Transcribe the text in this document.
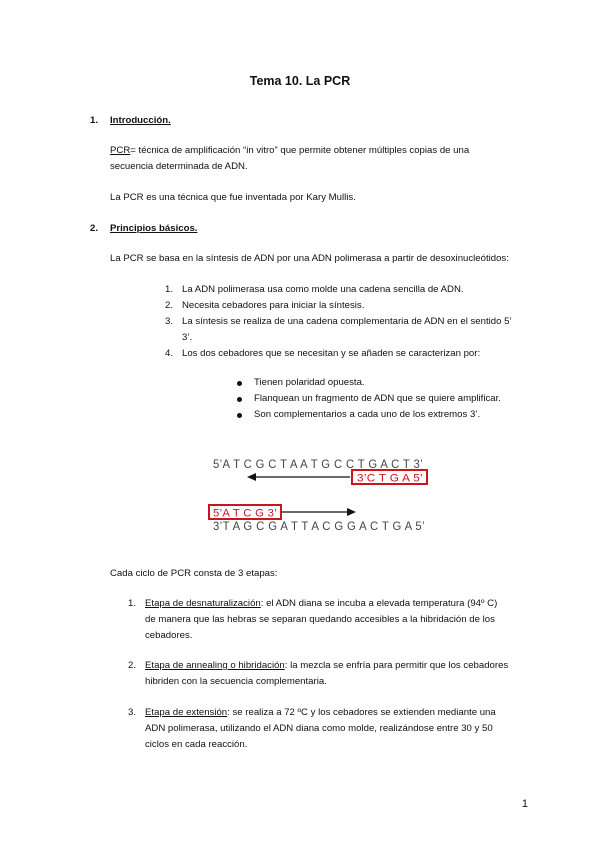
Tema 10. La PCR
1. Introducción.
PCR= técnica de amplificación “in vitro” que permite obtener múltiples copias de una
secuencia determinada de ADN.
La PCR es una técnica que fue inventada por Kary Mullis.
2. Principios básicos.
La PCR se basa en la síntesis de ADN por una ADN polimerasa a partir de desoxinucleótidos:
1. La ADN polimerasa usa como molde una cadena sencilla de ADN.
2. Necesita cebadores para iniciar la síntesis.
3. La síntesis se realiza de una cadena complementaria de ADN en el sentido 5’
3’.
4. Los dos cebadores que se necesitan y se añaden se caracterizan por:
Tienen polaridad opuesta.
Flanquean un fragmento de ADN que se quiere amplificar.
Son complementarios a cada uno de los extremos 3’.
5’A T C G C T A A T G C C T G A C T 3’
3’C T G A 5’
5’A T C G 3’
3’T A G C G A T T A C G G A C T G A 5’
Cada ciclo de PCR consta de 3 etapas:
1. Etapa de desnaturalización: el ADN diana se incuba a elevada temperatura (94º C)
de manera que las hebras se separan quedando accesibles a la hibridación de los
cebadores.
2. Etapa de annealing o hibridación: la mezcla se enfría para permitir que los cebadores
hibriden con la secuencia complementaria.
3. Etapa de extensión: se realiza a 72 ºC y los cebadores se extienden mediante una
ADN polimerasa, utilizando el ADN diana como molde, realizándose entre 30 y 50
ciclos en cada reacción.
1
